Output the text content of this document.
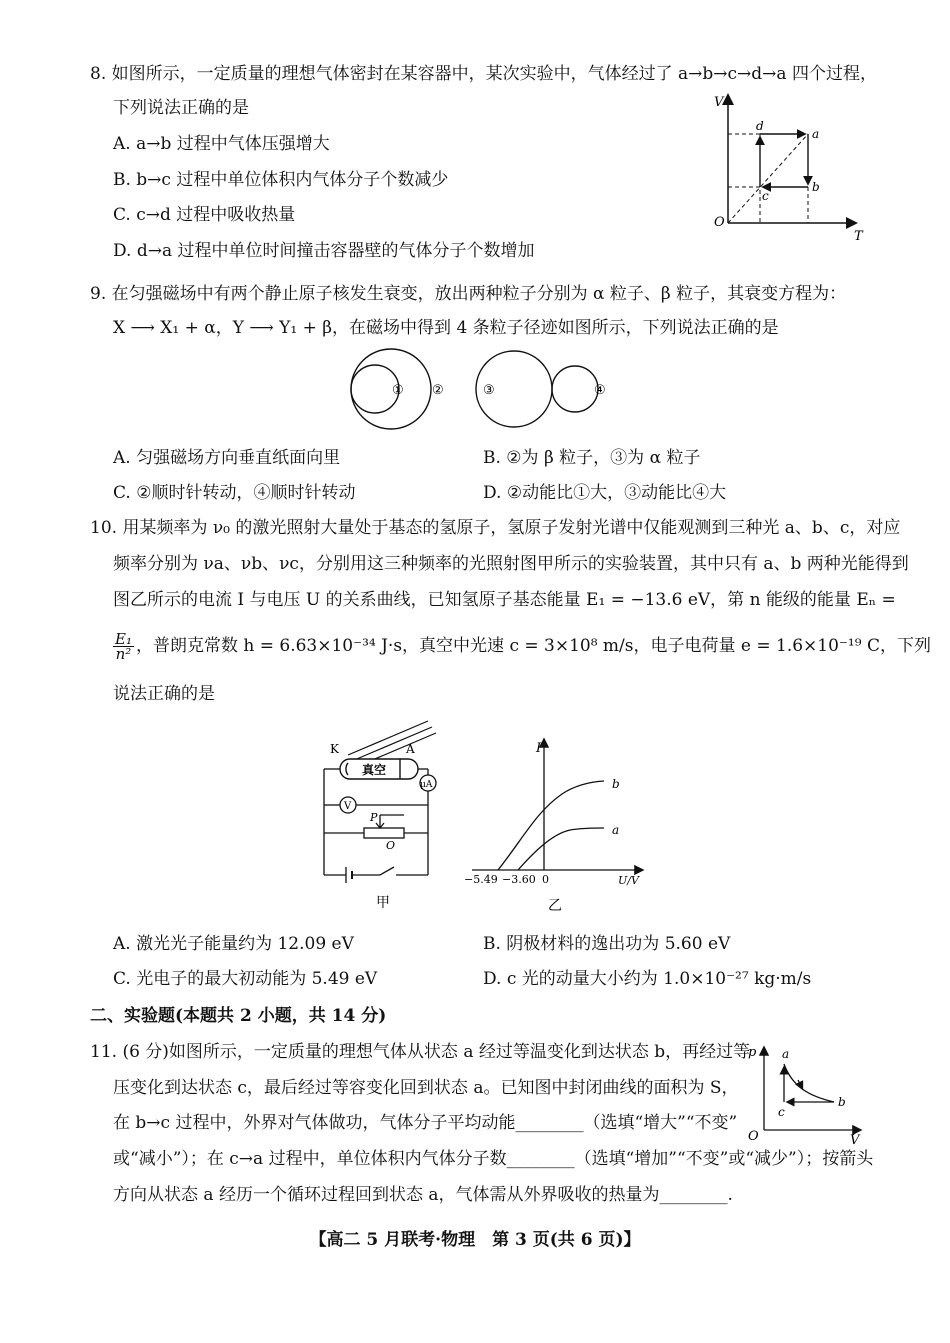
8. 如图所示，一定质量的理想气体密封在某容器中，某次实验中，气体经过了 a→b→c→d→a 四个过程，
下列说法正确的是
A. a→b 过程中气体压强增大
B. b→c 过程中单位体积内气体分子个数减少
C. c→d 过程中吸收热量
D. d→a 过程中单位时间撞击容器壁的气体分子个数增加
V
T
O
d
a
b
c
9. 在匀强磁场中有两个静止原子核发生衰变，放出两种粒子分别为 α 粒子、β 粒子，其衰变方程为：
X ⟶ X₁ + α，Y ⟶ Y₁ + β，在磁场中得到 4 条粒子径迹如图所示，下列说法正确的是
① ②	③	④
A. 匀强磁场方向垂直纸面向里	B. ②为 β 粒子，③为 α 粒子
C. ②顺时针转动，④顺时针转动	D. ②动能比①大，③动能比④大
10. 用某频率为 ν₀ 的激光照射大量处于基态的氢原子，氢原子发射光谱中仅能观测到三种光 a、b、c，对应
频率分别为 νa、νb、νc，分别用这三种频率的光照射图甲所示的实验装置，其中只有 a、b 两种光能得到
图乙所示的电流 I 与电压 U 的关系曲线，已知氢原子基态能量 E₁ = −13.6 eV，第 n 能级的能量 Eₙ =
$\frac{\text{E₁}}{\text{n²}}$ ，普朗克常数 h = 6.63×10⁻³⁴ J·s，真空中光速 c = 3×10⁸ m/s，电子电荷量 e = 1.6×10⁻¹⁹ C，下列
说法正确的是
K	A
真空
μA
V
P
O
甲
I
U/V
−5.49 −3.60 0
b
a
乙
A. 激光光子能量约为 12.09 eV	B. 阴极材料的逸出功为 5.60 eV
C. 光电子的最大初动能为 5.49 eV	D. c 光的动量大小约为 1.0×10⁻²⁷ kg·m/s
二、实验题(本题共 2 小题，共 14 分)
11. (6 分)如图所示，一定质量的理想气体从状态 a 经过等温变化到达状态 b，再经过等
压变化到达状态 c，最后经过等容变化回到状态 a。已知图中封闭曲线的面积为 S，
在 b→c 过程中，外界对气体做功，气体分子平均动能________（选填“增大”“不变”
或“减小”）；在 c→a 过程中，单位体积内气体分子数________（选填“增加”“不变”或“减少”）；按箭头
方向从状态 a 经历一个循环过程回到状态 a，气体需从外界吸收的热量为________.
p
V
O
a
b
c
【高二 5 月联考·物理　第 3 页(共 6 页)】
